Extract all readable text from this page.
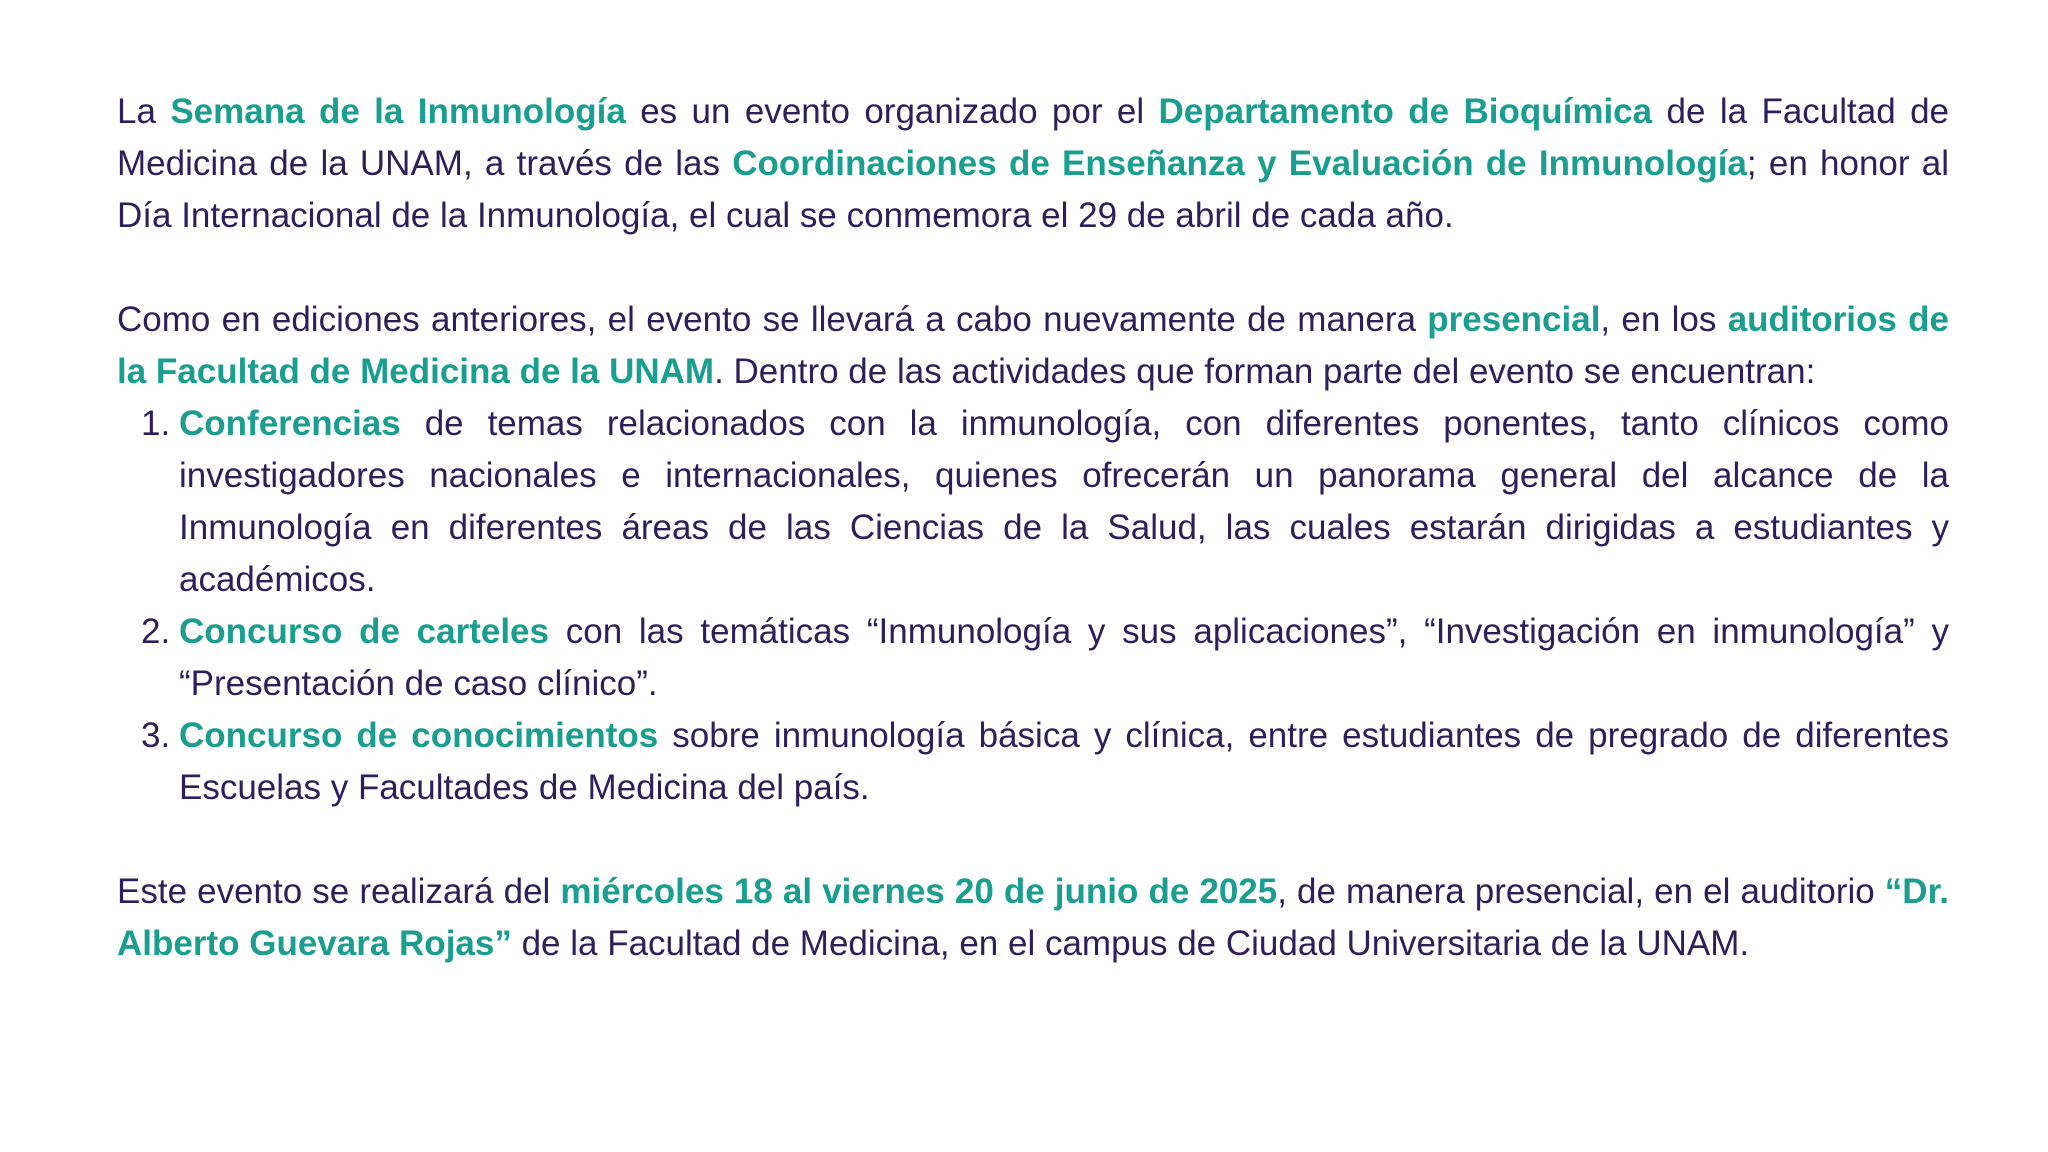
La Semana de la Inmunología es un evento organizado por el Departamento de Bioquímica de la Facultad de Medicina de la UNAM, a través de las Coordinaciones de Enseñanza y Evaluación de Inmunología; en honor al Día Internacional de la Inmunología, el cual se conmemora el 29 de abril de cada año.

Como en ediciones anteriores, el evento se llevará a cabo nuevamente de manera presencial, en los auditorios de la Facultad de Medicina de la UNAM. Dentro de las actividades que forman parte del evento se encuentran:

1. Conferencias de temas relacionados con la inmunología, con diferentes ponentes, tanto clínicos como investigadores nacionales e internacionales, quienes ofrecerán un panorama general del alcance de la Inmunología en diferentes áreas de las Ciencias de la Salud, las cuales estarán dirigidas a estudiantes y académicos.
2. Concurso de carteles con las temáticas “Inmunología y sus aplicaciones”, “Investigación en inmunología” y “Presentación de caso clínico”.
3. Concurso de conocimientos sobre inmunología básica y clínica, entre estudiantes de pregrado de diferentes Escuelas y Facultades de Medicina del país.

Este evento se realizará del miércoles 18 al viernes 20 de junio de 2025, de manera presencial, en el auditorio “Dr. Alberto Guevara Rojas” de la Facultad de Medicina, en el campus de Ciudad Universitaria de la UNAM.
